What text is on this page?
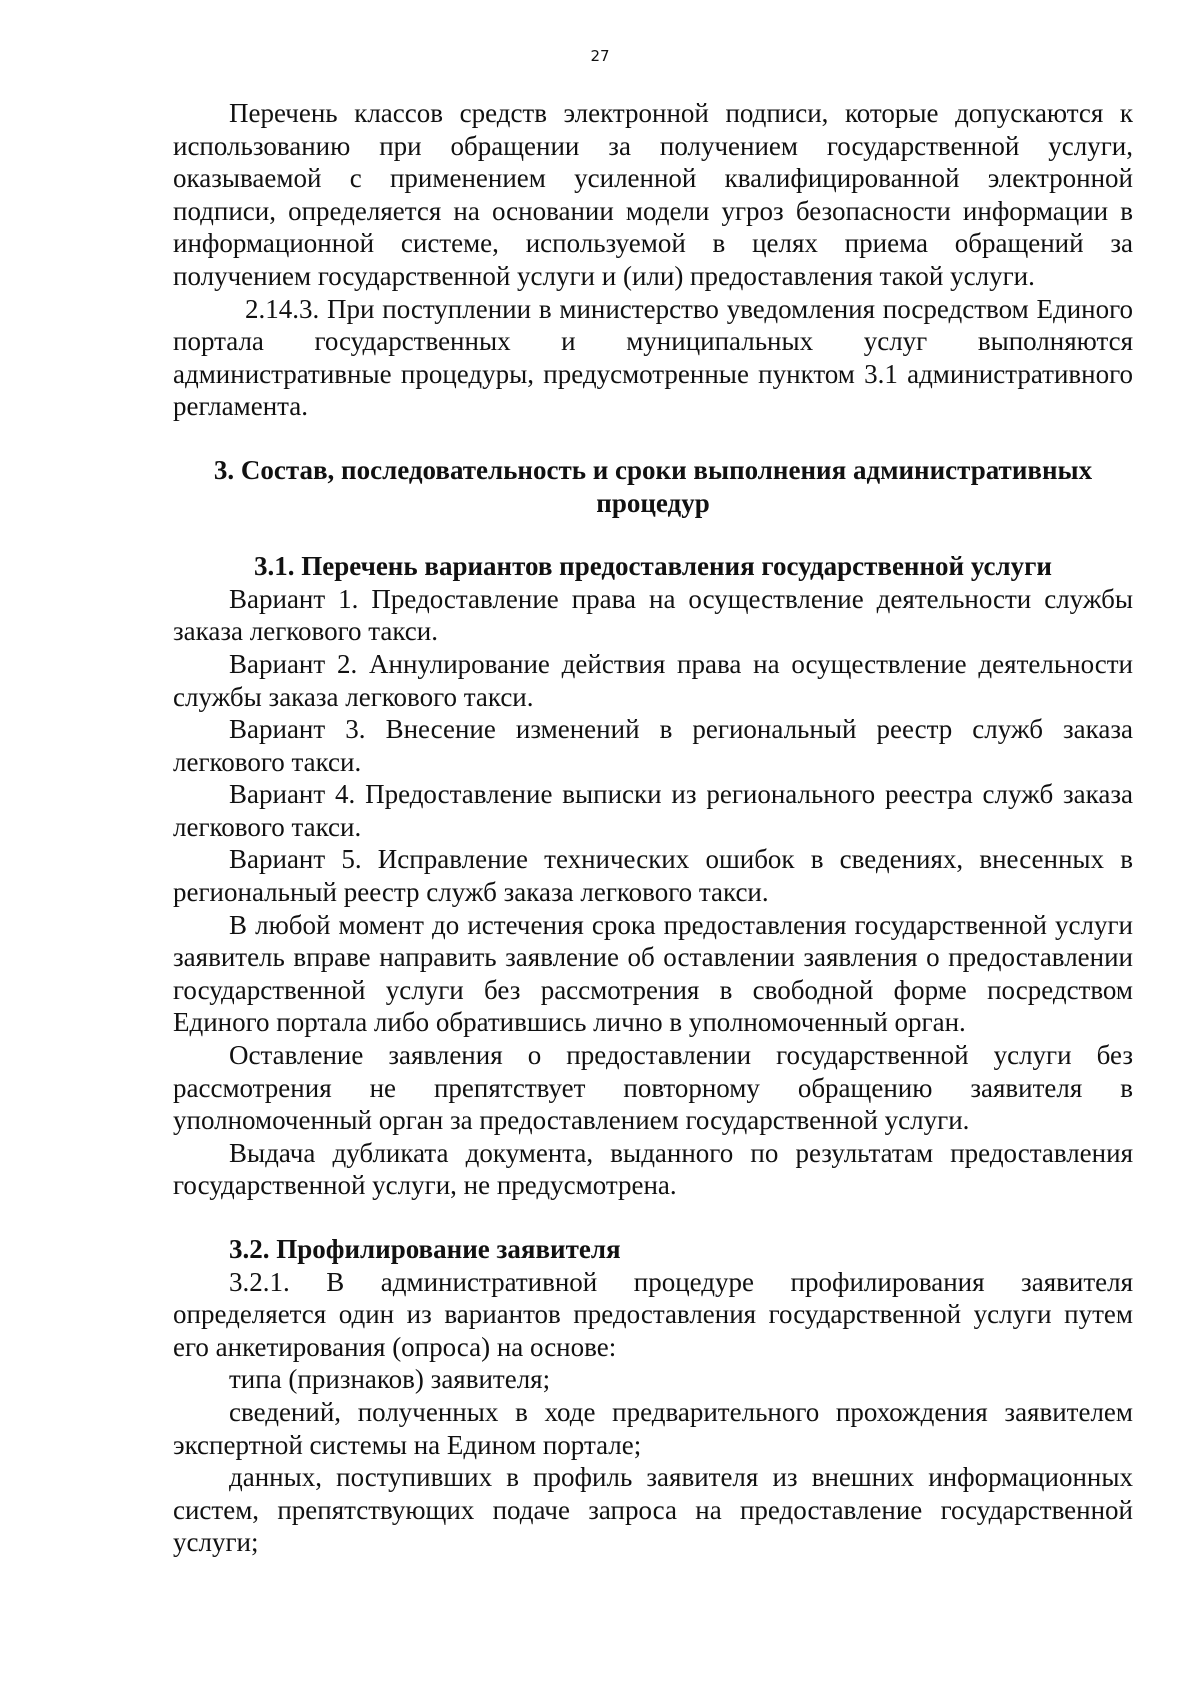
27

Перечень классов средств электронной подписи, которые допускаются к использованию при обращении за получением государственной услуги, оказываемой с применением усиленной квалифицированной электронной подписи, определяется на основании модели угроз безопасности информации в информационной системе, используемой в целях приема обращений за получением государственной услуги и (или) предоставления такой услуги.

2.14.3. При поступлении в министерство уведомления посредством Единого портала государственных и муниципальных услуг выполняются административные процедуры, предусмотренные пунктом 3.1 административного регламента.

3. Состав, последовательность и сроки выполнения административных процедур

3.1. Перечень вариантов предоставления государственной услуги

Вариант 1. Предоставление права на осуществление деятельности службы заказа легкового такси.

Вариант 2. Аннулирование действия права на осуществление деятельности службы заказа легкового такси.

Вариант 3. Внесение изменений в региональный реестр служб заказа легкового такси.

Вариант 4. Предоставление выписки из регионального реестра служб заказа легкового такси.

Вариант 5. Исправление технических ошибок в сведениях, внесенных в региональный реестр служб заказа легкового такси.

В любой момент до истечения срока предоставления государственной услуги заявитель вправе направить заявление об оставлении заявления о предоставлении государственной услуги без рассмотрения в свободной форме посредством Единого портала либо обратившись лично в уполномоченный орган.

Оставление заявления о предоставлении государственной услуги без рассмотрения не препятствует повторному обращению заявителя в уполномоченный орган за предоставлением государственной услуги.

Выдача дубликата документа, выданного по результатам предоставления государственной услуги, не предусмотрена.

3.2. Профилирование заявителя

3.2.1. В административной процедуре профилирования заявителя определяется один из вариантов предоставления государственной услуги путем его анкетирования (опроса) на основе:

типа (признаков) заявителя;

сведений, полученных в ходе предварительного прохождения заявителем экспертной системы на Едином портале;

данных, поступивших в профиль заявителя из внешних информационных систем, препятствующих подаче запроса на предоставление государственной услуги;
